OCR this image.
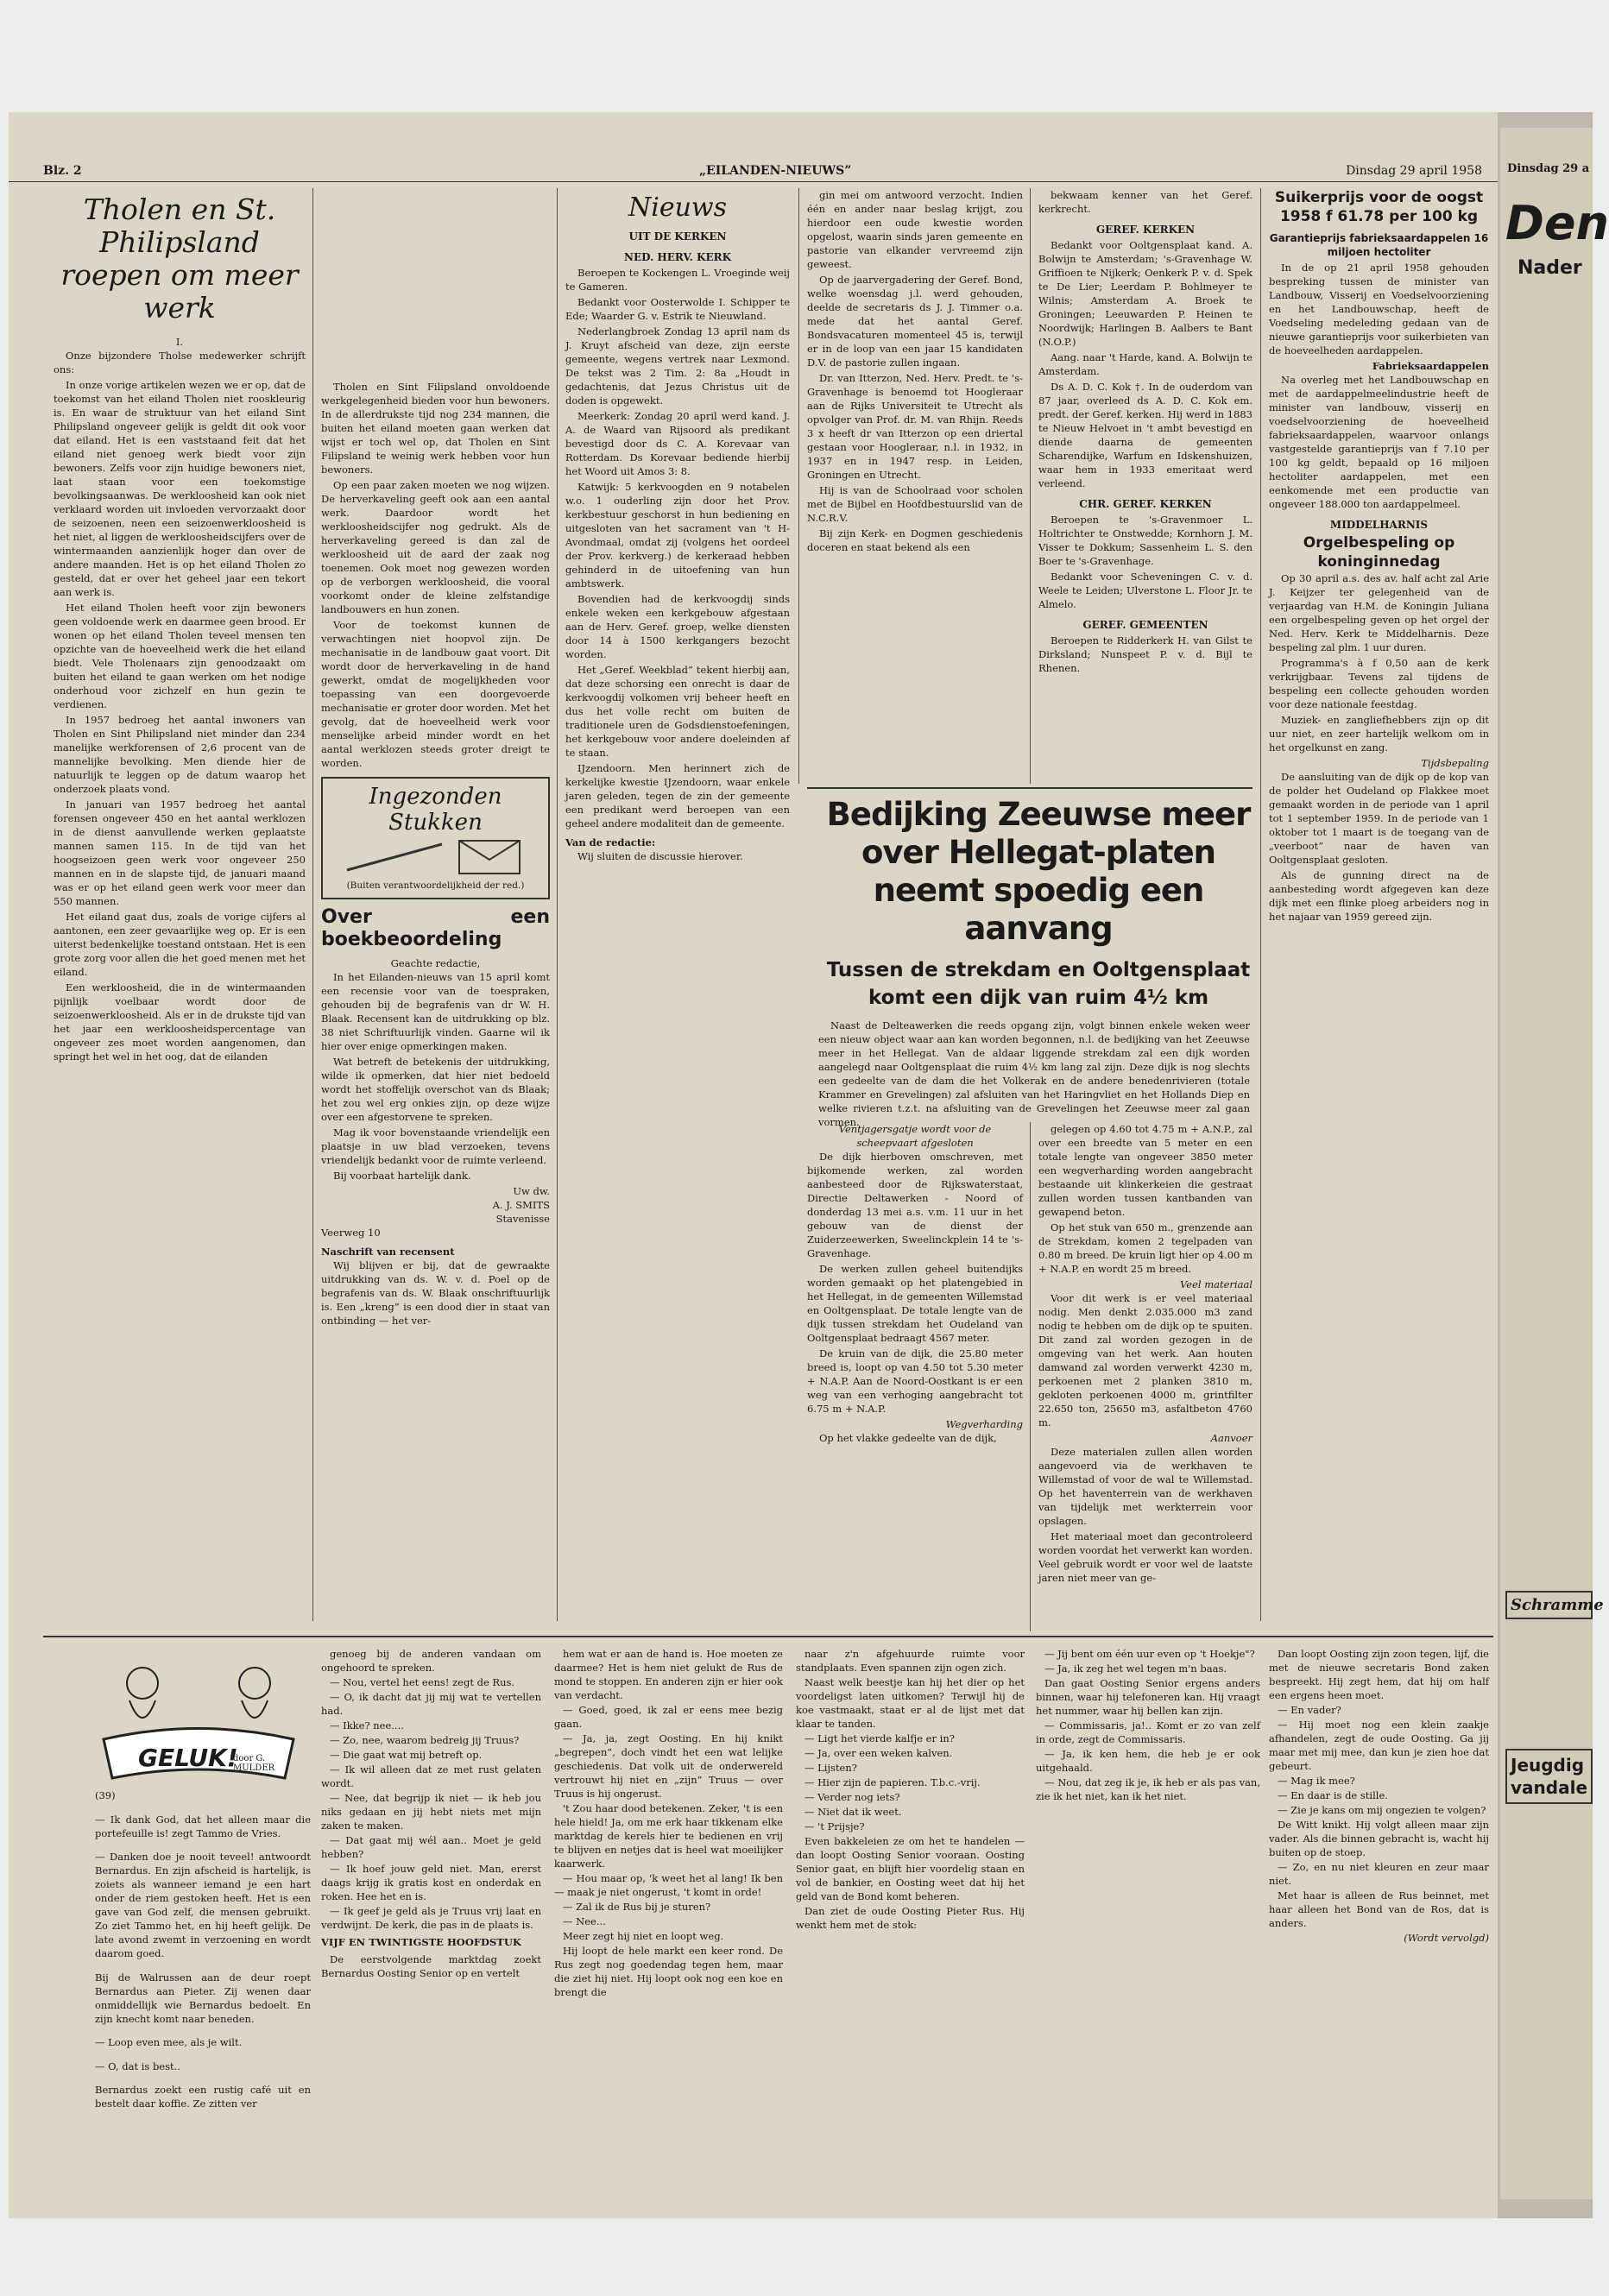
Blz. 2	„EILANDEN-NIEUWS”	Dinsdag 29 april 1958
Tholen en St. Philipsland roepen om meer werk
I.

Onze bijzondere Tholse medewerker schrijft ons:

In onze vorige artikelen wezen we er op, dat de toekomst van het eiland Tholen niet rooskleurig is. En waar de struktuur van het eiland Sint Philipsland ongeveer gelijk is geldt dit ook voor dat eiland. Het is een vaststaand feit dat het eiland niet genoeg werk biedt voor zijn bewoners. Zelfs voor zijn huidige bewoners niet, laat staan voor een toekomstige bevolkingsaanwas. De werkloosheid kan ook niet verklaard worden uit invloeden vervorzaakt door de seizoenen, neen een seizoenwerkloosheid is het niet, al liggen de werkloosheidscijfers over de wintermaanden aanzienlijk hoger dan over de andere maanden. Het is op het eiland Tholen zo gesteld, dat er over het geheel jaar een tekort aan werk is.

Het eiland Tholen heeft voor zijn bewoners geen voldoende werk en daarmee geen brood. Er wonen op het eiland Tholen teveel mensen ten opzichte van de hoeveelheid werk die het eiland biedt. Vele Tholenaars zijn genoodzaakt om buiten het eiland te gaan werken om het nodige onderhoud voor zichzelf en hun gezin te verdienen.

In 1957 bedroeg het aantal inwoners van Tholen en Sint Philipsland niet minder dan 234 manelijke werkforensen of 2,6 procent van de mannelijke bevolking. Men diende hier de natuurlijk te leggen op de datum waarop het onderzoek plaats vond.

In januari van 1957 bedroeg het aantal forensen ongeveer 450 en het aantal werklozen in de dienst aanvullende werken geplaatste mannen samen 115. In de tijd van het hoogseizoen geen werk voor ongeveer 250 mannen en in de slapste tijd, de januari maand was er op het eiland geen werk voor meer dan 550 mannen.

Het eiland gaat dus, zoals de vorige cijfers al aantonen, een zeer gevaarlijke weg op. Er is een uiterst bedenkelijke toestand ontstaan. Het is een grote zorg voor allen die het goed menen met het eiland.

Een werkloosheid, die in de wintermaanden pijnlijk voelbaar wordt door de seizoenwerkloosheid. Als er in de drukste tijd van het jaar een werkloosheidspercentage van ongeveer zes moet worden aangenomen, dan springt het wel in het oog, dat de eilanden

Tholen en Sint Filipsland onvoldoende werkgelegenheid bieden voor hun bewoners. In de allerdrukste tijd nog 234 mannen, die buiten het eiland moeten gaan werken dat wijst er toch wel op, dat Tholen en Sint Filipsland te weinig werk hebben voor hun bewoners.

Op een paar zaken moeten we nog wijzen. De herverkaveling geeft ook aan een aantal werk. Daardoor wordt het werkloosheidscijfer nog gedrukt. Als de herverkaveling gereed is dan zal de werkloosheid uit de aard der zaak nog toenemen. Ook moet nog gewezen worden op de verborgen werkloosheid, die vooral voorkomt onder de kleine zelfstandige landbouwers en hun zonen.

Voor de toekomst kunnen de verwachtingen niet hoopvol zijn. De mechanisatie in de landbouw gaat voort. Dit wordt door de herverkaveling in de hand gewerkt, omdat de mogelijkheden voor toepassing van een doorgevoerde mechanisatie er groter door worden. Met het gevolg, dat de hoeveelheid werk voor menselijke arbeid minder wordt en het aantal werklozen steeds groter dreigt te worden.

Ingezonden Stukken
(Buiten verantwoordelijkheid der red.)
Over een boekbeoordeling
Geachte redactie,

In het Eilanden-nieuws van 15 april komt een recensie voor van de toespraken, gehouden bij de begrafenis van dr W. H. Blaak. Recensent kan de uitdrukking op blz. 38 niet Schriftuurlijk vinden. Gaarne wil ik hier over enige opmerkingen maken.

Wat betreft de betekenis der uitdrukking, wilde ik opmerken, dat hier niet bedoeld wordt het stoffelijk overschot van ds Blaak; het zou wel erg onkies zijn, op deze wijze over een afgestorvene te spreken.

Mag ik voor bovenstaande vriendelijk een plaatsje in uw blad verzoeken, tevens vriendelijk bedankt voor de ruimte verleend.

Bij voorbaat hartelijk dank.

Uw dw.
A. J. SMITS
Stavenisse
Veerweg 10
Naschrift van recensent

Wij blijven er bij, dat de gewraakte uitdrukking van ds. W. v. d. Poel op de begrafenis van ds. W. Blaak onschriftuurlijk is. Een „kreng” is een dood dier in staat van ontbinding — het ver-

Nieuws
UIT DE KERKEN
NED. HERV. KERK

Beroepen te Kockengen L. Vroeginde weij te Gameren.

Bedankt voor Oosterwolde I. Schipper te Ede; Waarder G. v. Estrik te Nieuwland.

Nederlangbroek Zondag 13 april nam ds J. Kruyt afscheid van deze, zijn eerste gemeente, wegens vertrek naar Lexmond. De tekst was 2 Tim. 2: 8a „Houdt in gedachtenis, dat Jezus Christus uit de doden is opgewekt.

Meerkerk: Zondag 20 april werd kand. J. A. de Waard van Rijsoord als predikant bevestigd door ds C. A. Korevaar van Rotterdam. Ds Korevaar bediende hierbij het Woord uit Amos 3: 8.

Katwijk: 5 kerkvoogden en 9 notabelen w.o. 1 ouderling zijn door het Prov. kerkbestuur geschorst in hun bediening en uitgesloten van het sacrament van 't H-Avondmaal, omdat zij (volgens het oordeel der Prov. kerkverg.) de kerkeraad hebben gehinderd in de uitoefening van hun ambtswerk.

Bovendien had de kerkvoogdij sinds enkele weken een kerkgebouw afgestaan aan de Herv. Geref. groep, welke diensten door 14 à 1500 kerkgangers bezocht worden.

Het „Geref. Weekblad” tekent hierbij aan, dat deze schorsing een onrecht is daar de kerkvoogdij volkomen vrij beheer heeft en dus het volle recht om buiten de traditionele uren de Godsdienstoefeningen, het kerkgebouw voor andere doeleinden af te staan.

IJzendoorn. Men herinnert zich de kerkelijke kwestie IJzendoorn, waar enkele jaren geleden, tegen de zin der gemeente een predikant werd beroepen van een geheel andere modaliteit dan de gemeente.

Van de redactie:

Wij sluiten de discussie hierover.

gin mei om antwoord verzocht. Indien één en ander naar beslag krijgt, zou hierdoor een oude kwestie worden opgelost, waarin sinds jaren gemeente en pastorie van elkander vervreemd zijn geweest.

Op de jaarvergadering der Geref. Bond, welke woensdag j.l. werd gehouden, deelde de secretaris ds J. J. Timmer o.a. mede dat het aantal Geref. Bondsvacaturen momenteel 45 is, terwijl er in de loop van een jaar 15 kandidaten D.V. de pastorie zullen ingaan.

Dr. van Itterzon, Ned. Herv. Predt. te 's-Gravenhage is benoemd tot Hoogleraar aan de Rijks Universiteit te Utrecht als opvolger van Prof. dr. M. van Rhijn. Reeds 3 x heeft dr van Itterzon op een driertal gestaan voor Hoogleraar, n.l. in 1932, in 1937 en in 1947 resp. in Leiden, Groningen en Utrecht.

Hij is van de Schoolraad voor scholen met de Bijbel en Hoofdbestuurslid van de N.C.R.V.

Bij zijn Kerk- en Dogmen geschiedenis doceren en staat bekend als een

bekwaam kenner van het Geref. kerkrecht.

GEREF. KERKEN

Bedankt voor Ooltgensplaat kand. A. Bolwijn te Amsterdam; 's-Gravenhage W. Griffioen te Nijkerk; Oenkerk P. v. d. Spek te De Lier; Leerdam P. Bohlmeyer te Wilnis; Amsterdam A. Broek te Groningen; Leeuwarden P. Heinen te Noordwijk; Harlingen B. Aalbers te Bant (N.O.P.)

Aang. naar 't Harde, kand. A. Bolwijn te Amsterdam.

Ds A. D. C. Kok †. In de ouderdom van 87 jaar, overleed ds A. D. C. Kok em. predt. der Geref. kerken. Hij werd in 1883 te Nieuw Helvoet in 't ambt bevestigd en diende daarna de gemeenten Scharendijke, Warfum en Idskenshuizen, waar hem in 1933 emeritaat werd verleend.

CHR. GEREF. KERKEN

Beroepen te 's-Gravenmoer L. Holtrichter te Onstwedde; Kornhorn J. M. Visser te Dokkum; Sassenheim L. S. den Boer te 's-Gravenhage.

Bedankt voor Scheveningen C. v. d. Weele te Leiden; Ulverstone L. Floor Jr. te Almelo.

GEREF. GEMEENTEN

Beroepen te Ridderkerk H. van Gilst te Dirksland; Nunspeet P. v. d. Bijl te Rhenen.

Suikerprijs voor de oogst 1958 f 61.78 per 100 kg
Garantieprijs fabrieksaardappelen 16 miljoen hectoliter

In de op 21 april 1958 gehouden bespreking tussen de minister van Landbouw, Visserij en Voedselvoorziening en het Landbouwschap, heeft de Voedseling medeleding gedaan van de nieuwe garantieprijs voor suikerbieten van de hoeveelheden aardappelen.

Fabrieksaardappelen

Na overleg met het Landbouwschap en met de aardappelmeelindustrie heeft de minister van landbouw, visserij en voedselvoorziening de hoeveelheid fabrieksaardappelen, waarvoor onlangs vastgestelde garantieprijs van f 7.10 per 100 kg geldt, bepaald op 16 miljoen hectoliter aardappelen, met een eenkomende met een productie van ongeveer 188.000 ton aardappelmeel.

MIDDELHARNIS
Orgelbespeling op koninginnedag

Op 30 april a.s. des av. half acht zal Arie J. Keijzer ter gelegenheid van de verjaardag van H.M. de Koningin Juliana een orgelbespeling geven op het orgel der Ned. Herv. Kerk te Middelharnis. Deze bespeling zal plm. 1 uur duren.

Programma's à f 0,50 aan de kerk verkrijgbaar. Tevens zal tijdens de bespeling een collecte gehouden worden voor deze nationale feestdag.

Muziek- en zangliefhebbers zijn op dit uur niet, en zeer hartelijk welkom om in het orgelkunst en zang.

Tijdsbepaling

De aansluiting van de dijk op de kop van de polder het Oudeland op Flakkee moet gemaakt worden in de periode van 1 april tot 1 september 1959. In de periode van 1 oktober tot 1 maart is de toegang van de „veerboot” naar de haven van Ooltgensplaat gesloten.

Als de gunning direct na de aanbesteding wordt afgegeven kan deze dijk met een flinke ploeg arbeiders nog in het najaar van 1959 gereed zijn.

Bedijking Zeeuwse meer over Hellegat-platen neemt spoedig een aanvang
Tussen de strekdam en Ooltgensplaat komt een dijk van ruim 4½ km

Naast de Delteawerken die reeds opgang zijn, volgt binnen enkele weken weer een nieuw object waar aan kan worden begonnen, n.l. de bedijking van het Zeeuwse meer in het Hellegat. Van de aldaar liggende strekdam zal een dijk worden aangelegd naar Ooltgensplaat die ruim 4½ km lang zal zijn. Deze dijk is nog slechts een gedeelte van de dam die het Volkerak en de andere benedenrivieren (totale Krammer en Grevelingen) zal afsluiten van het Haringvliet en het Hollands Diep en welke rivieren t.z.t. na afsluiting van de Grevelingen het Zeeuwse meer zal gaan vormen.

Ventjagersgatje wordt voor de scheepvaart afgesloten

De dijk hierboven omschreven, met bijkomende werken, zal worden aanbesteed door de Rijkswaterstaat, Directie Deltawerken - Noord of donderdag 13 mei a.s. v.m. 11 uur in het gebouw van de dienst der Zuiderzeewerken, Sweelinckplein 14 te 's-Gravenhage.

De werken zullen geheel buitendijks worden gemaakt op het platengebied in het Hellegat, in de gemeenten Willemstad en Ooltgensplaat. De totale lengte van de dijk tussen strekdam het Oudeland van Ooltgensplaat bedraagt 4567 meter.

De kruin van de dijk, die 25.80 meter breed is, loopt op van 4.50 tot 5.30 meter + N.A.P. Aan de Noord-Oostkant is er een weg van een verhoging aangebracht tot 6.75 m + N.A.P.

Wegverharding

Op het vlakke gedeelte van de dijk,

gelegen op 4.60 tot 4.75 m + A.N.P., zal over een breedte van 5 meter en een totale lengte van ongeveer 3850 meter een wegverharding worden aangebracht bestaande uit klinkerkeien die gestraat zullen worden tussen kantbanden van gewapend beton.

Op het stuk van 650 m., grenzende aan de Strekdam, komen 2 tegelpaden van 0.80 m breed. De kruin ligt hier op 4.00 m + N.A.P. en wordt 25 m breed.

Veel materiaal

Voor dit werk is er veel materiaal nodig. Men denkt 2.035.000 m3 zand nodig te hebben om de dijk op te spuiten. Dit zand zal worden gezogen in de omgeving van het werk. Aan houten damwand zal worden verwerkt 4230 m, perkoenen met 2 planken 3810 m, gekloten perkoenen 4000 m, grintfilter 22.650 ton, 25650 m3, asfaltbeton 4760 m.

Aanvoer

Deze materialen zullen allen worden aangevoerd via de werkhaven te Willemstad of voor de wal te Willemstad. Op het haventerrein van de werkhaven van tijdelijk met werkterrein voor opslagen.

Het materiaal moet dan gecontroleerd worden voordat het verwerkt kan worden. Veel gebruik wordt er voor wel de laatste jaren niet meer van ge-

GELUK!
door G. MULDER
(39)

— Ik dank God, dat het alleen maar die portefeuille is! zegt Tammo de Vries.

— Danken doe je nooit teveel! antwoordt Bernardus. En zijn afscheid is hartelijk, is zoiets als wanneer iemand je een hart onder de riem gestoken heeft. Het is een gave van God zelf, die mensen gebruikt. Zo ziet Tammo het, en hij heeft gelijk. De late avond zwemt in verzoening en wordt daarom goed.

Bij de Walrussen aan de deur roept Bernardus aan Pieter. Zij wenen daar onmiddellijk wie Bernardus bedoelt. En zijn knecht komt naar beneden.

— Loop even mee, als je wilt.

— O, dat is best..

Bernardus zoekt een rustig café uit en bestelt daar koffie. Ze zitten ver

genoeg bij de anderen vandaan om ongehoord te spreken.

— Nou, vertel het eens! zegt de Rus.

— O, ik dacht dat jij mij wat te vertellen had.

— Ikke? nee....

— Zo, nee, waarom bedreig jij Truus?

— Die gaat wat mij betreft op.

— Ik wil alleen dat ze met rust gelaten wordt.

— Nee, dat begrijp ik niet — ik heb jou niks gedaan en jij hebt niets met mijn zaken te maken.

— Dat gaat mij wél aan.. Moet je geld hebben?

— Ik hoef jouw geld niet. Man, ererst daags krijg ik gratis kost en onderdak en roken. Hee het en is.

— Ik geef je geld als je Truus vrij laat en verdwijnt. De kerk, die pas in de plaats is.

VIJF EN TWINTIGSTE HOOFDSTUK

De eerstvolgende marktdag zoekt Bernardus Oosting Senior op en vertelt

hem wat er aan de hand is. Hoe moeten ze daarmee? Het is hem niet gelukt de Rus de mond te stoppen. En anderen zijn er hier ook van verdacht.

— Goed, goed, ik zal er eens mee bezig gaan.

— Ja, ja, zegt Oosting. En hij knikt „begrepen”, doch vindt het een wat lelijke geschiedenis. Dat volk uit de onderwereld vertrouwt hij niet en „zijn” Truus — over Truus is hij ongerust.

't Zou haar dood betekenen. Zeker, 't is een hele hield! Ja, om me erk haar tikkenam elke marktdag de kerels hier te bedienen en vrij te blijven en netjes dat is heel wat moeilijker kaarwerk.

— Hou maar op, 'k weet het al lang! Ik ben — maak je niet ongerust, 't komt in orde!

— Zal ik de Rus bij je sturen?

— Nee...

Meer zegt hij niet en loopt weg.

Hij loopt de hele markt een keer rond. De Rus zegt nog goedendag tegen hem, maar die ziet hij niet. Hij loopt ook nog een koe en brengt die

naar z'n afgehuurde ruimte voor standplaats. Even spannen zijn ogen zich.

Naast welk beestje kan hij het dier op het voordeligst laten uitkomen? Terwijl hij de koe vastmaakt, staat er al de lijst met dat klaar te tanden.

— Ligt het vierde kalfje er in?

— Ja, over een weken kalven.

— Lijsten?

— Hier zijn de papieren. T.b.c.-vrij.

— Verder nog iets?

— Niet dat ik weet.

— 't Prijsje?

Even bakkeleien ze om het te handelen — dan loopt Oosting Senior vooraan. Oosting Senior gaat, en blijft hier voordelig staan en vol de bankier, en Oosting weet dat hij het geld van de Bond komt beheren.

Dan ziet de oude Oosting Pieter Rus. Hij wenkt hem met de stok:

— Jij bent om één uur even op 't Hoekje"?

— Ja, ik zeg het wel tegen m'n baas.

Dan gaat Oosting Senior ergens anders binnen, waar hij telefoneren kan. Hij vraagt het nummer, waar hij bellen kan zijn.

— Commissaris, ja!.. Komt er zo van zelf in orde, zegt de Commissaris.

— Ja, ik ken hem, die heb je er ook uitgehaald.

— Nou, dat zeg ik je, ik heb er als pas van, zie ik het niet, kan ik het niet.

Dan loopt Oosting zijn zoon tegen, lijf, die met de nieuwe secretaris Bond zaken bespreekt. Hij zegt hem, dat hij om half een ergens heen moet.

— En vader?

— Hij moet nog een klein zaakje afhandelen, zegt de oude Oosting. Ga jij maar met mij mee, dan kun je zien hoe dat gebeurt.

— Mag ik mee?

— En daar is de stille.

— Zie je kans om mij ongezien te volgen?

De Witt knikt. Hij volgt alleen maar zijn vader. Als die binnen gebracht is, wacht hij buiten op de stoep.

— Zo, en nu niet kleuren en zeur maar niet.

Met haar is alleen de Rus beinnet, met haar alleen het Bond van de Ros, dat is anders.

(Wordt vervolgd)
Dinsdag 29 a
Den
Nader
Schramme
Jeugdig vandale
